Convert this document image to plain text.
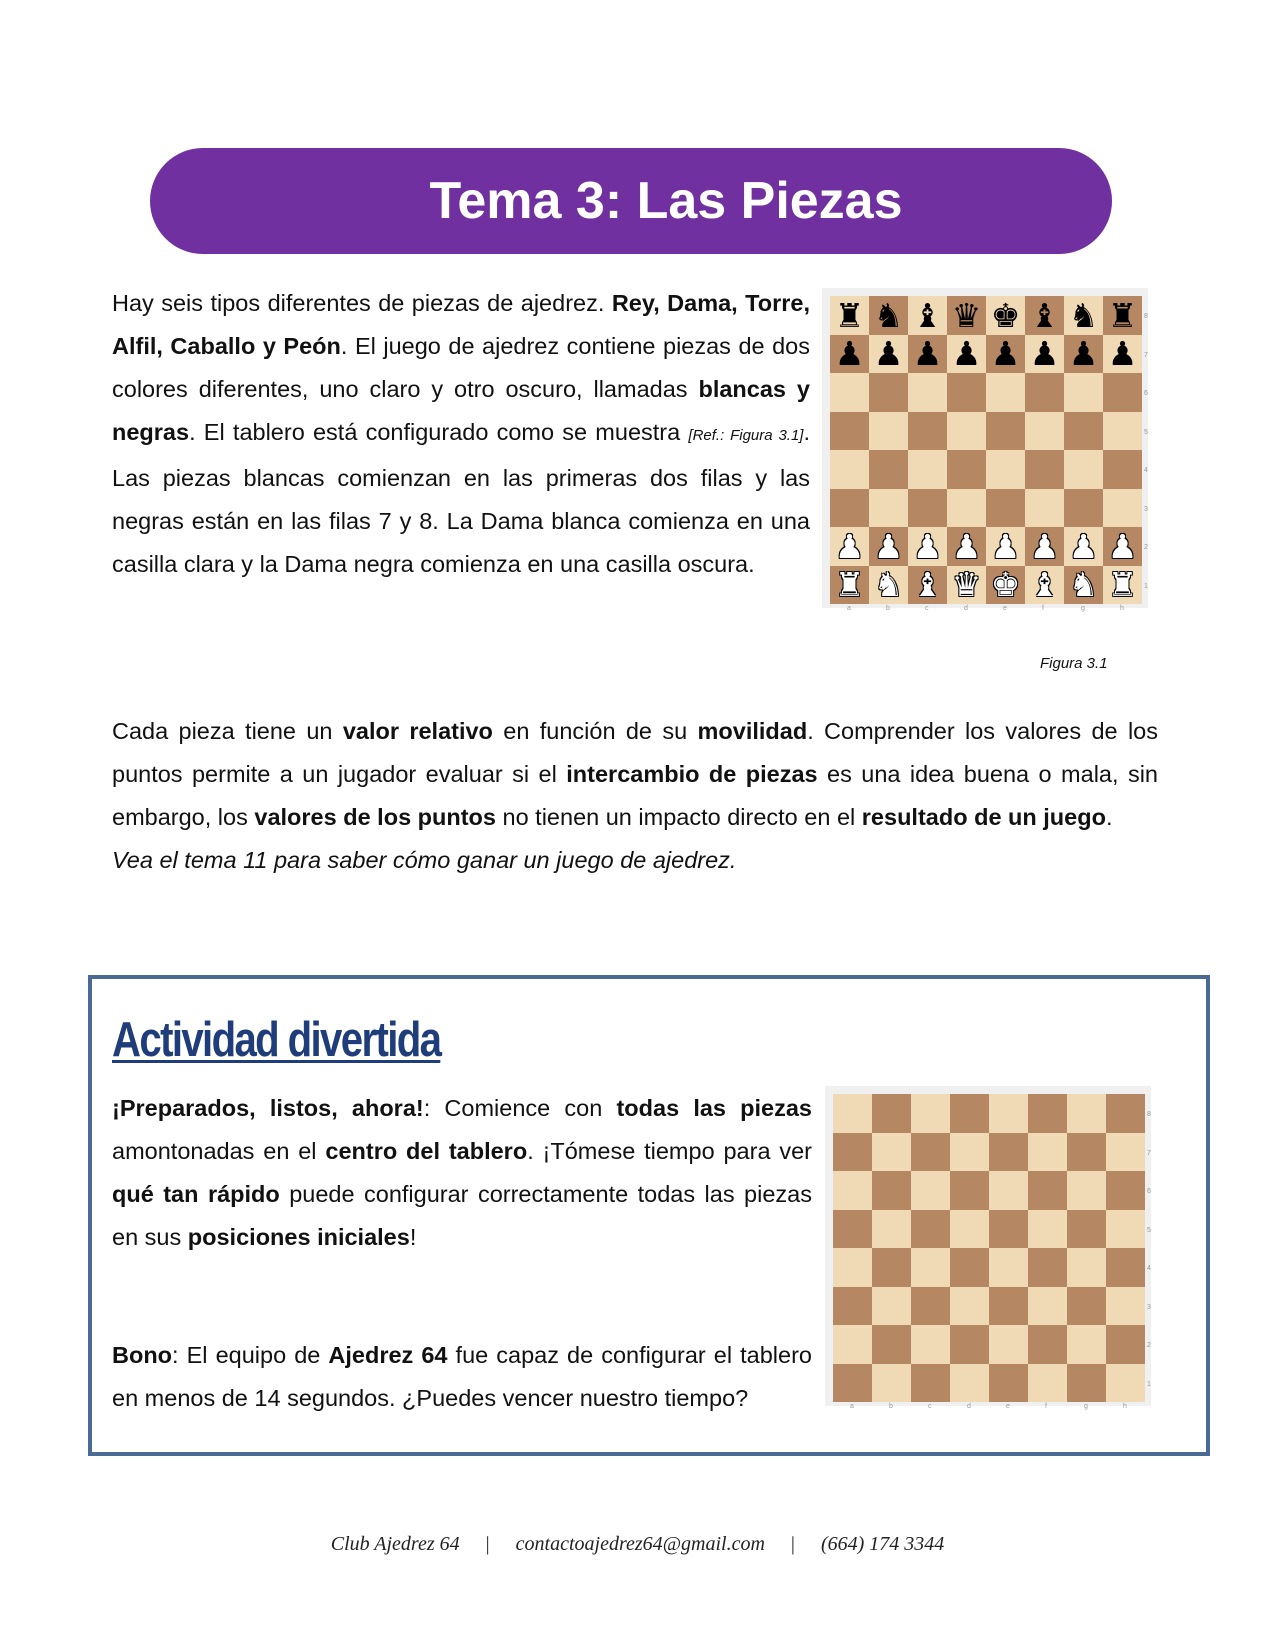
Tema 3: Las Piezas

Hay seis tipos diferentes de piezas de ajedrez. Rey, Dama, Torre, Alfil, Caballo y Peón. El juego de ajedrez contiene piezas de dos colores diferentes, uno claro y otro oscuro, llamadas blancas y negras. El tablero está configurado como se muestra [Ref.: Figura 3.1]. Las piezas blancas comienzan en las primeras dos filas y las negras están en las filas 7 y 8. La Dama blanca comienza en una casilla clara y la Dama negra comienza en una casilla oscura.

♜ ♞ ♝ ♛ ♚ ♝ ♞ ♜
♟ ♟ ♟ ♟ ♟ ♟ ♟ ♟
♟ ♟ ♟ ♟ ♟ ♟ ♟ ♟
♜ ♞ ♝ ♛ ♚ ♝ ♞ ♜
8
7
6
5
4
3
2
1
a	b	c	d	e	f	g	h

Figura 3.1

Cada pieza tiene un valor relativo en función de su movilidad. Comprender los valores de los puntos permite a un jugador evaluar si el intercambio de piezas es una idea buena o mala, sin embargo, los valores de los puntos no tienen un impacto directo en el resultado de un juego.
Vea el tema 11 para saber cómo ganar un juego de ajedrez.

Actividad divertida

¡Preparados, listos, ahora!: Comience con todas las piezas amontonadas en el centro del tablero. ¡Tómese tiempo para ver qué tan rápido puede configurar correctamente todas las piezas en sus posiciones iniciales!

Bono: El equipo de Ajedrez 64 fue capaz de configurar el tablero en menos de 14 segundos. ¿Puedes vencer nuestro tiempo?

8
7
6
5
4
3
2
1
a	b	c	d	e	f	g	h
Club Ajedrez 64 | contactoajedrez64@gmail.com | (664) 174 3344
